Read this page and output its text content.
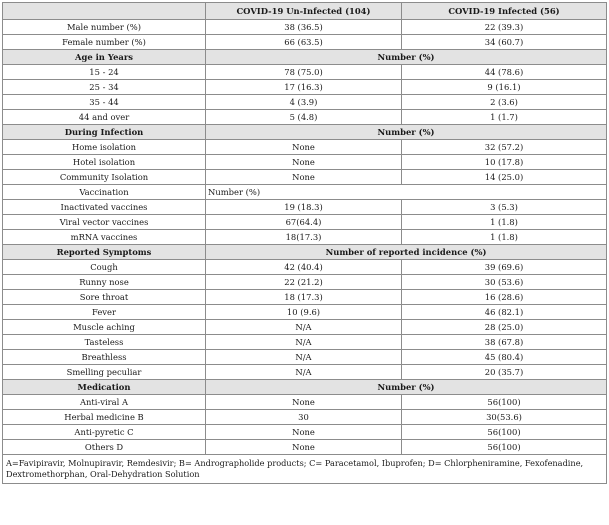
	COVID-19 Un-Infected (104)	COVID-19 Infected (56)
Male number (%)	38 (36.5)	22 (39.3)
Female number (%)	66 (63.5)	34 (60.7)
Age in Years	Number (%)	
15 - 24	78 (75.0)	44 (78.6)
25 - 34	17 (16.3)	9 (16.1)
35 - 44	4 (3.9)	2 (3.6)
44 and over	5 (4.8)	1 (1.7)
During Infection	Number (%)	
Home isolation	None	32 (57.2)
Hotel isolation	None	10 (17.8)
Community Isolation	None	14 (25.0)
Vaccination	Number (%)	
Inactivated vaccines	19 (18.3)	3 (5.3)
Viral vector vaccines	67(64.4)	1 (1.8)
mRNA vaccines	18(17.3)	1 (1.8)
Reported Symptoms	Number of reported incidence (%)	
Cough	42 (40.4)	39 (69.6)
Runny nose	22 (21.2)	30 (53.6)
Sore throat	18 (17.3)	16 (28.6)
Fever	10 (9.6)	46 (82.1)
Muscle aching	N/A	28 (25.0)
Tasteless	N/A	38 (67.8)
Breathless	N/A	45 (80.4)
Smelling peculiar	N/A	20 (35.7)
Medication	Number (%)	
Anti-viral A	None	56(100)
Herbal medicine B	30	30(53.6)
Anti-pyretic C	None	56(100)
Others D	None	56(100)
A=Favipiravir, Molnupiravir, Remdesivir; B= Andrographolide products; C= Paracetamol, Ibuprofen; D= Chlorpheniramine, Fexofenadine, Dextromethorphan, Oral-Dehydration Solution		
